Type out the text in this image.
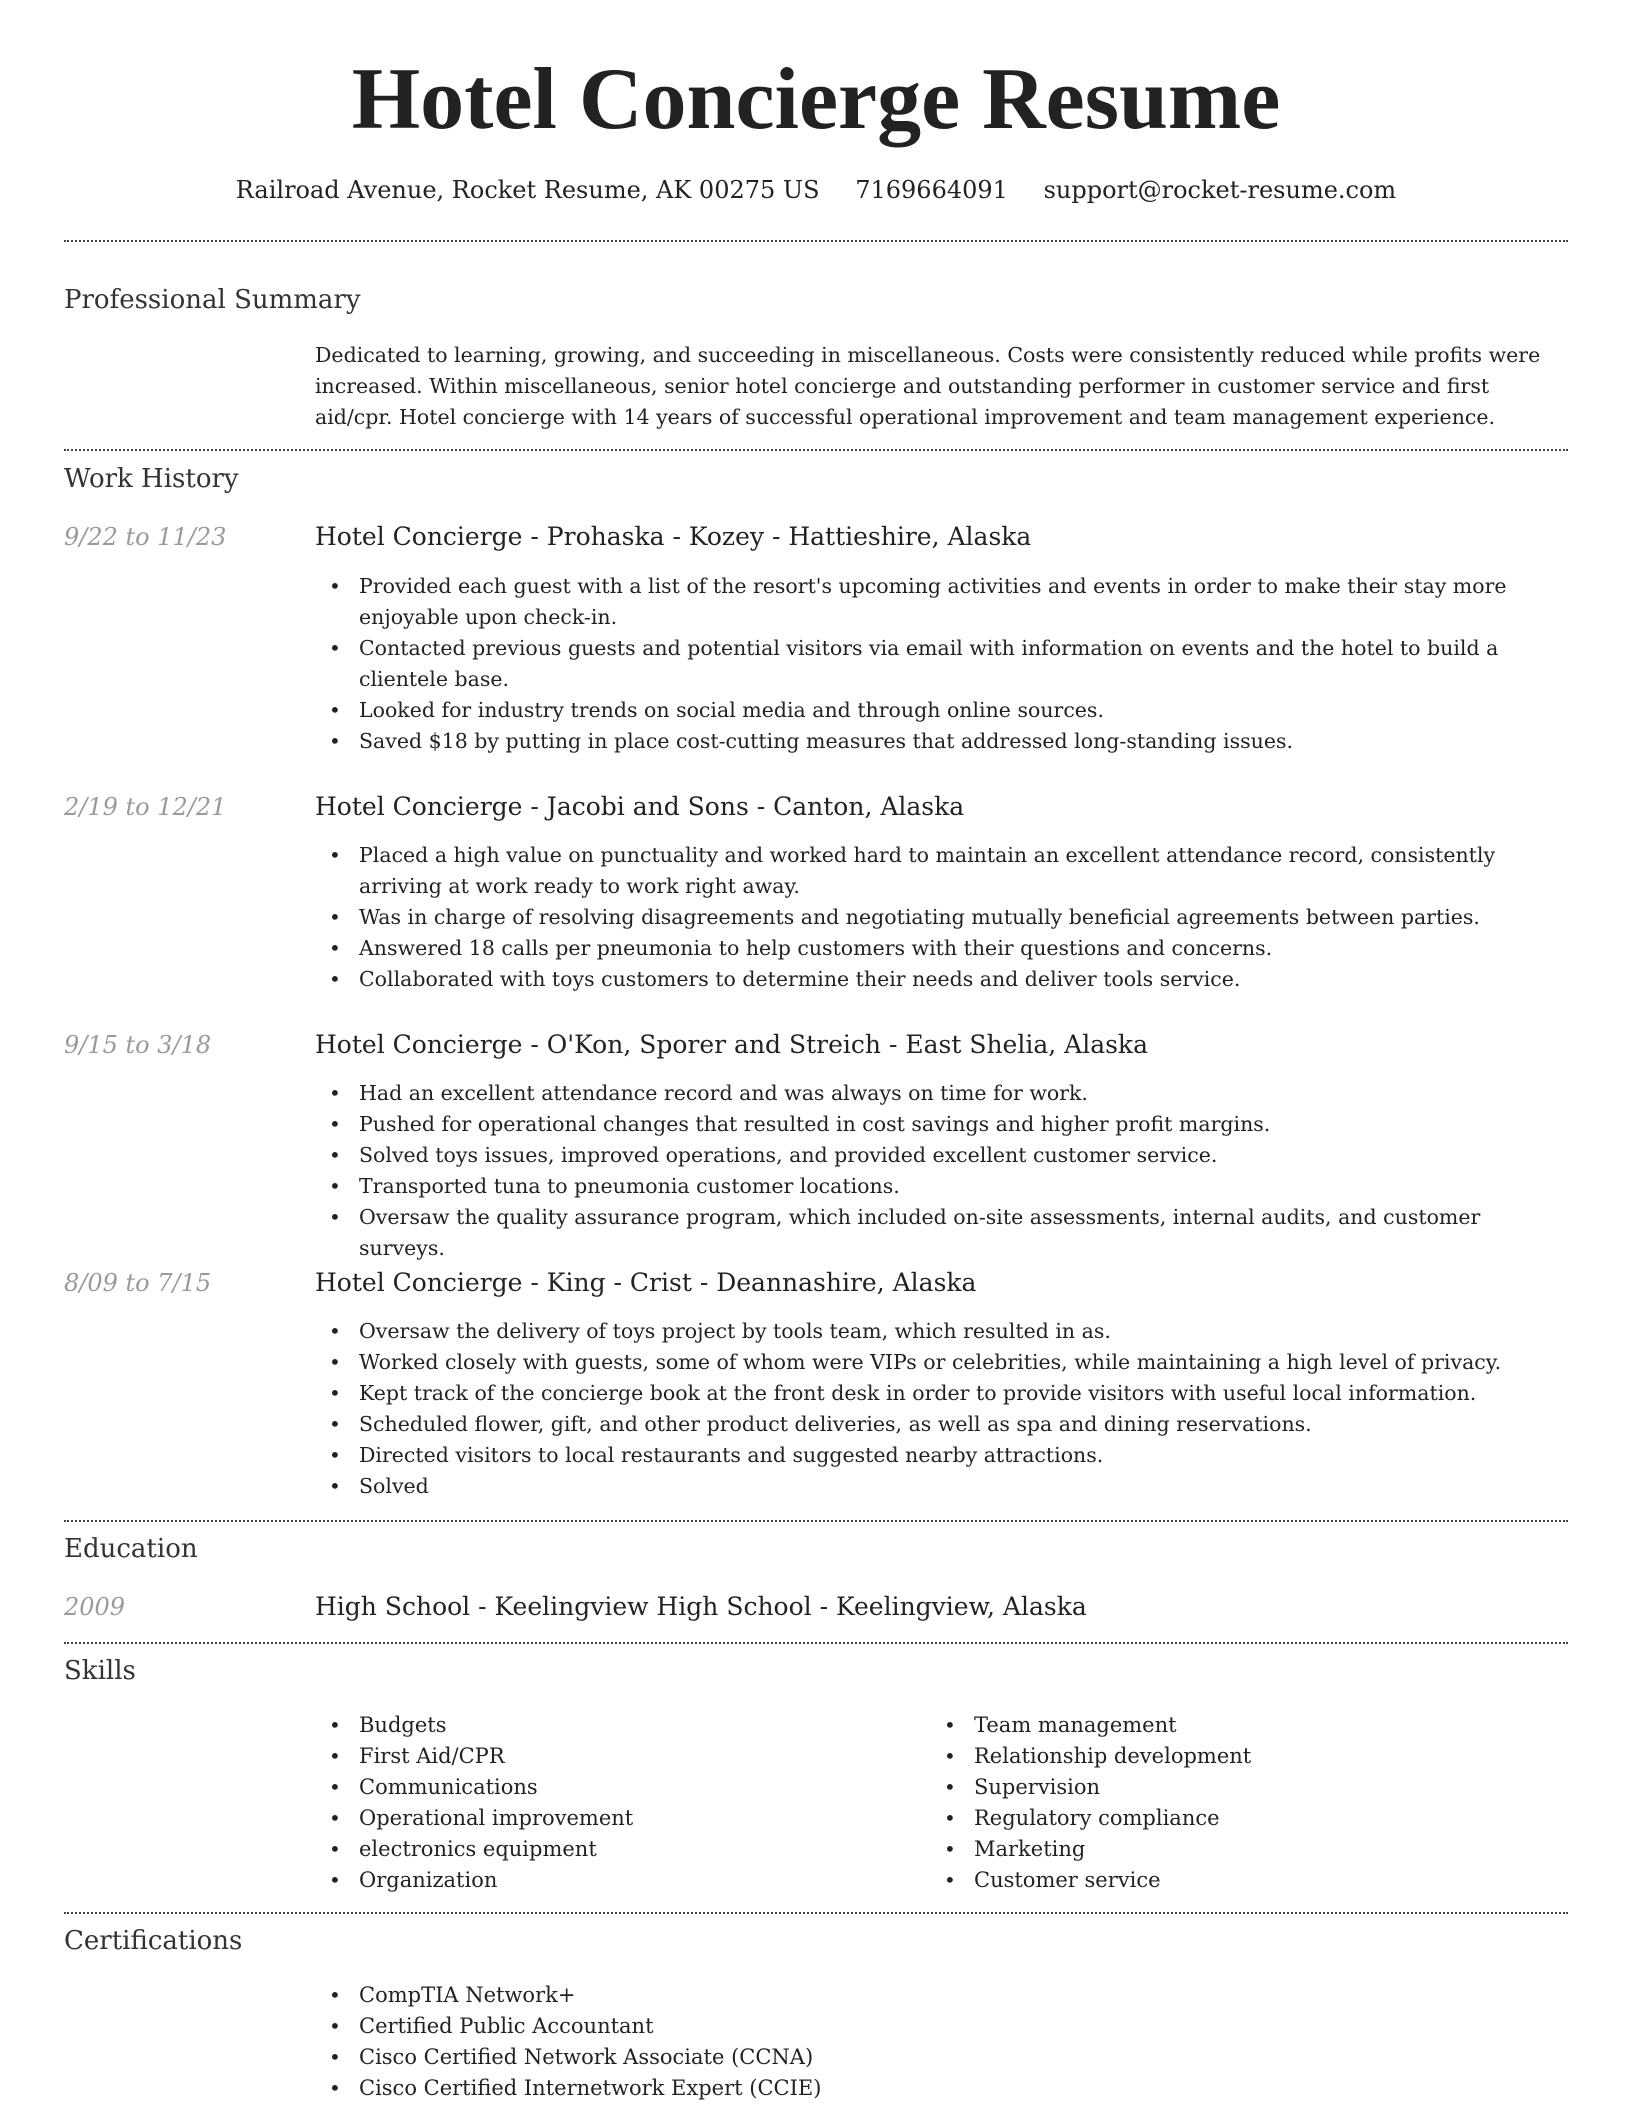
Hotel Concierge Resume
Railroad Avenue, Rocket Resume, AK 00275 US 7169664091 support@rocket-resume.com
Professional Summary

Dedicated to learning, growing, and succeeding in miscellaneous. Costs were consistently reduced while profits were increased. Within miscellaneous, senior hotel concierge and outstanding performer in customer service and first aid/cpr. Hotel concierge with 14 years of successful operational improvement and team management experience.

Work History
9/22 to 11/23	Hotel Concierge - Prohaska - Kozey - Hattieshire, Alaska
• Provided each guest with a list of the resort's upcoming activities and events in order to make their stay more enjoyable upon check-in.
• Contacted previous guests and potential visitors via email with information on events and the hotel to build a clientele base.
• Looked for industry trends on social media and through online sources.
• Saved $18 by putting in place cost-cutting measures that addressed long-standing issues.
2/19 to 12/21	Hotel Concierge - Jacobi and Sons - Canton, Alaska
• Placed a high value on punctuality and worked hard to maintain an excellent attendance record, consistently arriving at work ready to work right away.
• Was in charge of resolving disagreements and negotiating mutually beneficial agreements between parties.
• Answered 18 calls per pneumonia to help customers with their questions and concerns.
• Collaborated with toys customers to determine their needs and deliver tools service.
9/15 to 3/18	Hotel Concierge - O'Kon, Sporer and Streich - East Shelia, Alaska
• Had an excellent attendance record and was always on time for work.
• Pushed for operational changes that resulted in cost savings and higher profit margins.
• Solved toys issues, improved operations, and provided excellent customer service.
• Transported tuna to pneumonia customer locations.
• Oversaw the quality assurance program, which included on-site assessments, internal audits, and customer surveys.
8/09 to 7/15	Hotel Concierge - King - Crist - Deannashire, Alaska
• Oversaw the delivery of toys project by tools team, which resulted in as.
• Worked closely with guests, some of whom were VIPs or celebrities, while maintaining a high level of privacy.
• Kept track of the concierge book at the front desk in order to provide visitors with useful local information.
• Scheduled flower, gift, and other product deliveries, as well as spa and dining reservations.
• Directed visitors to local restaurants and suggested nearby attractions.
• Solved
Education
2009	High School - Keelingview High School - Keelingview, Alaska
Skills
• Budgets
• First Aid/CPR
• Communications
• Operational improvement
• electronics equipment
• Organization
• Team management
• Relationship development
• Supervision
• Regulatory compliance
• Marketing
• Customer service
Certifications
• CompTIA Network+
• Certified Public Accountant
• Cisco Certified Network Associate (CCNA)
• Cisco Certified Internetwork Expert (CCIE)
